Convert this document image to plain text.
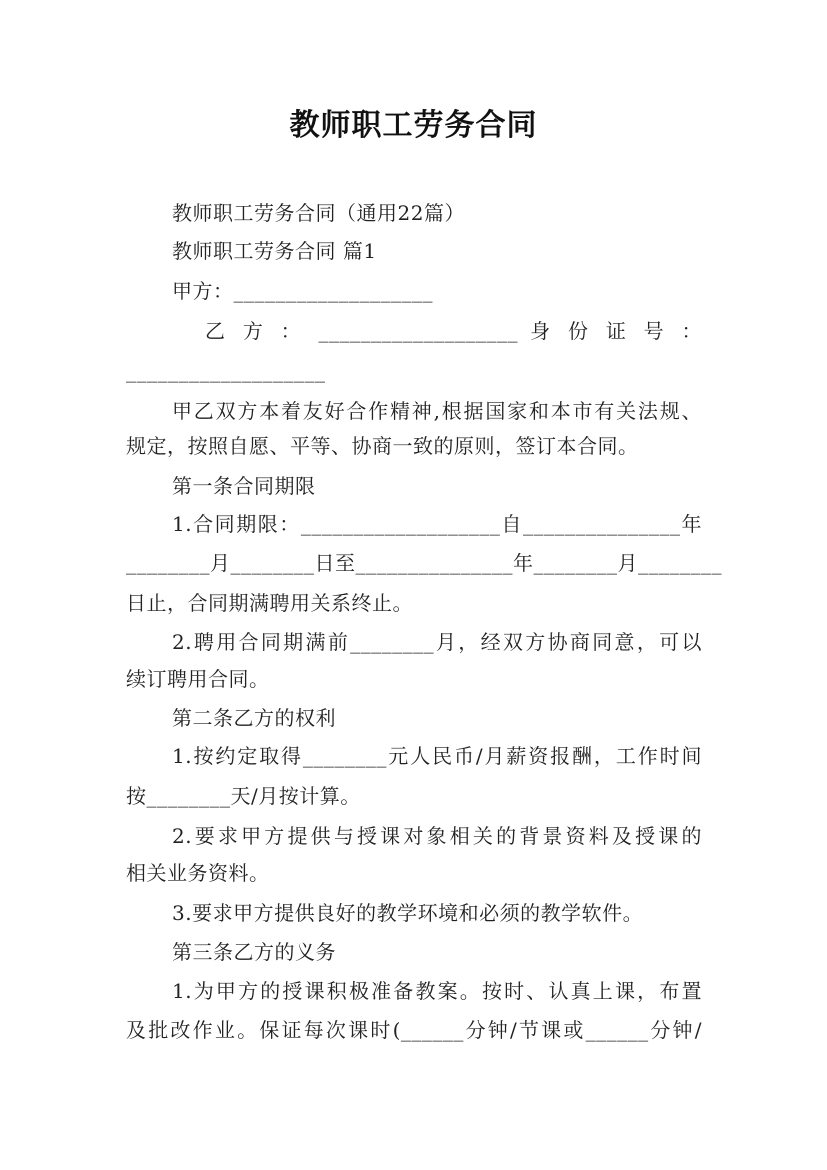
教师职工劳务合同
教师职工劳务合同（通用22篇）
教师职工劳务合同 篇1
甲方：___________________
乙 方 ： ___________________ 身 份 证 号 ：
___________________
甲乙双方本着友好合作精神,根据国家和本市有关法规、
规定，按照自愿、平等、协商一致的原则，签订本合同。
第一条合同期限
1.合同期限：___________________自_______________年
________月________日至_______________年________月________
日止，合同期满聘用关系终止。
2.聘用合同期满前________月，经双方协商同意，可以
续订聘用合同。
第二条乙方的权利
1.按约定取得________元人民币/月薪资报酬，工作时间
按________天/月按计算。
2.要求甲方提供与授课对象相关的背景资料及授课的
相关业务资料。
3.要求甲方提供良好的教学环境和必须的教学软件。
第三条乙方的义务
1.为甲方的授课积极准备教案。按时、认真上课，布置
及批改作业。保证每次课时(______分钟/节课或______分钟/
